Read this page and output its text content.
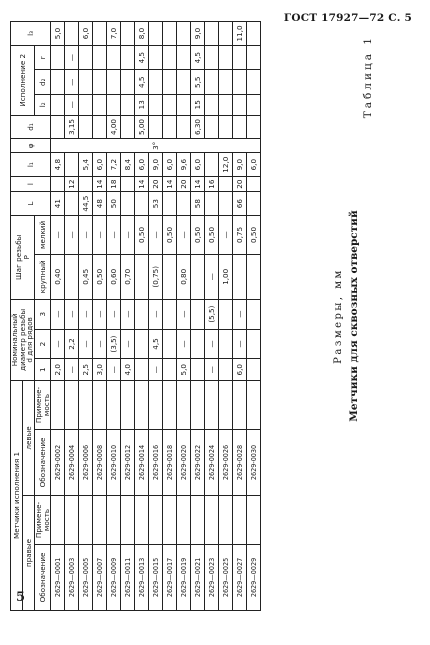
ГОСТ 17927—72 С. 5
5
Таблица 1
Метчики для сквозных отверстий
Размеры, мм
Метчики исполнения 1				Номинальный
диаметр резьбы
d для рядов			Шаг резьбы
P		L	l	l₁	φ	d₁	Исполнение 2			l₃
правые		левые															
Обозначение	Примене-
мость	Обозначение	Примене-
мость	1	2	3	крупный	мелкий						l₂	d₂	r	

2629—0001		2629-0002		2,0	—	—	0,40	—	41		4,8	3°					5,0
2629—0003		2629-0004		—	2,2	—		—		12			3,15	—	—	—	
2629—0005		2629-0006		2,5	—	—	0,45	—	44,5		5,4						6,0
2629—0007		2629-0008		3,0	—	—	0,50	—	48	14	6,0						
2629—0009		2629-0010		—	(3,5)	—	0,60	—	50	18	7,2		4,00				7,0
2629—0011		2629-0012		4,0	—	—	0,70	—			8,4						
2629—0013		2629-0014						0,50		14	6,0		5,00	13	4,5	4,5	8,0
2629—0015		2629-0016		—	4,5	—	(0,75)	—	53	20	9,0						
2629—0017		2629-0018						0,50		14	6,0						
2629—0019		2629-0020		5,0	—	—	0,80	—		20	9,6						
2629—0021		2629-0022						0,50	58	14	6,0		6,30	15	5,5	4,5	9,0
2629—0023		2629-0024		—	—	(5,5)	—	0,50		16							
2629—0025		2629-0026					1,00	—			12,0						
2629—0027		2629-0028		6,0	—	—		0,75	66	20	9,0						11,0
2629—0029		2629-0030						0,50			6,0						
